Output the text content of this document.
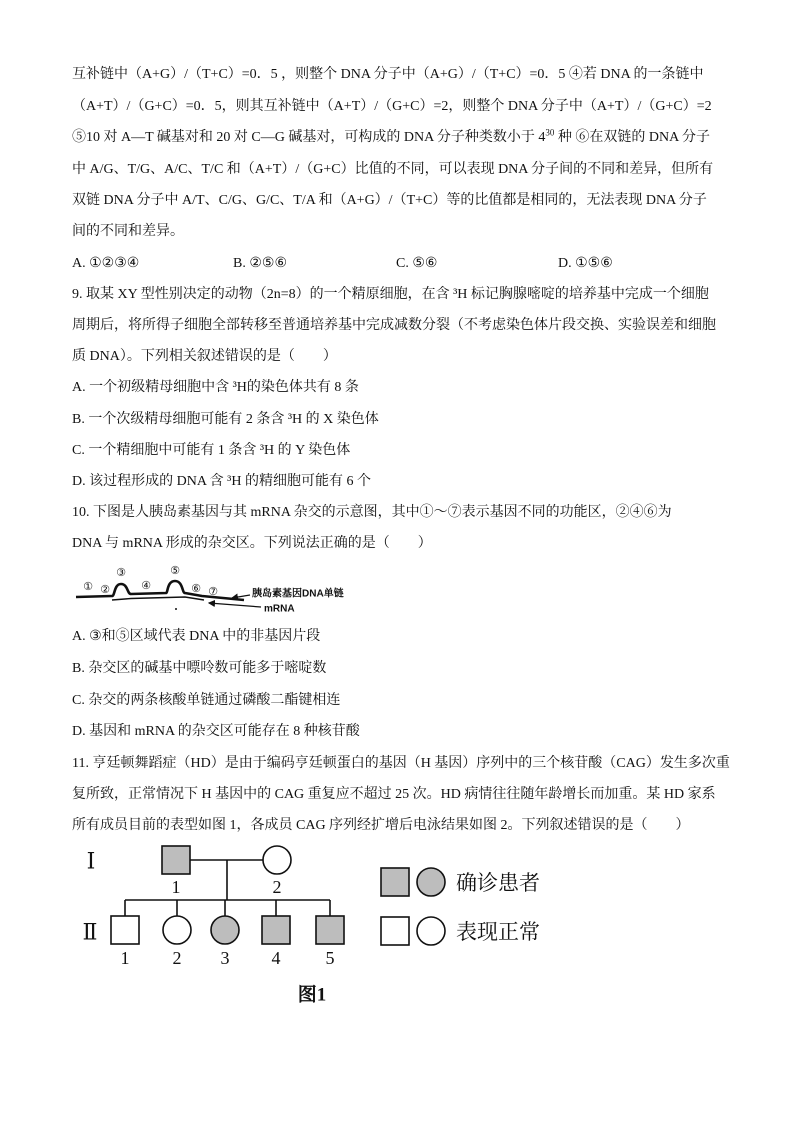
互补链中（A+G）/（T+C）=0．5 ，则整个 DNA 分子中（A+G）/（T+C）=0．5 ④若 DNA 的一条链中
（A+T）/（G+C）=0．5，则其互补链中（A+T）/（G+C）=2，则整个 DNA 分子中（A+T）/（G+C）=2
⑤10 对 A—T 碱基对和 20 对 C—G 碱基对，可构成的 DNA 分子种类数小于 $4^{30}$ 种 ⑥在双链的 DNA 分子
中 A/G、T/G、A/C、T/C 和（A+T）/（G+C）比值的不同，可以表现 DNA 分子间的不同和差异，但所有
双链 DNA 分子中 A/T、C/G、G/C、T/A 和（A+G）/（T+C）等的比值都是相同的，无法表现 DNA 分子
间的不同和差异。
A. ①②③④	B. ②⑤⑥	C. ⑤⑥	D. ①⑤⑥
9. 取某 XY 型性别决定的动物（2n=8）的一个精原细胞，在含 ³H 标记胸腺嘧啶的培养基中完成一个细胞
周期后，将所得子细胞全部转移至普通培养基中完成减数分裂（不考虑染色体片段交换、实验误差和细胞
质 DNA）。下列相关叙述错误的是（　　）
A. 一个初级精母细胞中含 ³H的染色体共有 8 条
B. 一个次级精母细胞可能有 2 条含 ³H 的 X 染色体
C. 一个精细胞中可能有 1 条含 ³H 的 Y 染色体
D. 该过程形成的 DNA 含 ³H 的精细胞可能有 6 个
10. 下图是人胰岛素基因与其 mRNA 杂交的示意图，其中①～⑦表示基因不同的功能区，②④⑥为
DNA 与 mRNA 形成的杂交区。下列说法正确的是（　　）
① ②
③
④
⑤
⑥ ⑦	胰岛素基因DNA单链
mRNA
A. ③和⑤区域代表 DNA 中的非基因片段
B. 杂交区的碱基中嘌呤数可能多于嘧啶数
C. 杂交的两条核酸单链通过磷酸二酯键相连
D. 基因和 mRNA 的杂交区可能存在 8 种核苷酸
11. 亨廷顿舞蹈症（HD）是由于编码亨廷顿蛋白的基因（H 基因）序列中的三个核苷酸（CAG）发生多次重
复所致，正常情况下 H 基因中的 CAG 重复应不超过 25 次。HD 病情往往随年龄增长而加重。某 HD 家系
所有成员目前的表型如图 1，各成员 CAG 序列经扩增后电泳结果如图 2。下列叙述错误的是（　　）
Ⅰ
Ⅱ
1	2
1 2 3 4	5
确诊患者
表现正常
图1
